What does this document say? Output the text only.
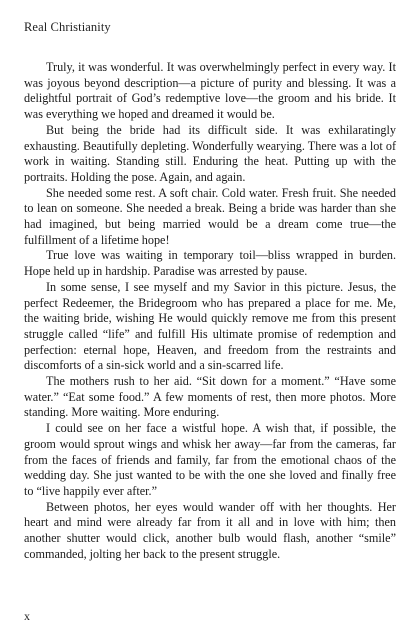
Real Christianity

Truly, it was wonderful. It was overwhelmingly perfect in every way. It was joyous beyond description—a picture of purity and blessing. It was a delightful portrait of God’s redemptive love—the groom and his bride. It was everything we hoped and dreamed it would be.

But being the bride had its difficult side. It was exhilaratingly exhausting. Beautifully depleting. Wonderfully wearying. There was a lot of work in waiting. Standing still. Enduring the heat. Putting up with the portraits. Holding the pose. Again, and again.

She needed some rest. A soft chair. Cold water. Fresh fruit. She needed to lean on someone. She needed a break. Being a bride was harder than she had imagined, but being married would be a dream come true—the fulfillment of a lifetime hope!

True love was waiting in temporary toil—bliss wrapped in burden. Hope held up in hardship. Paradise was arrested by pause.

In some sense, I see myself and my Savior in this picture. Jesus, the perfect Redeemer, the Bridegroom who has prepared a place for me. Me, the waiting bride, wishing He would quickly remove me from this present struggle called “life” and fulfill His ultimate promise of redemption and perfection: eternal hope, Heaven, and freedom from the restraints and discomforts of a sin-sick world and a sin-scarred life.

The mothers rush to her aid. “Sit down for a moment.” “Have some water.” “Eat some food.” A few moments of rest, then more photos. More standing. More waiting. More enduring.

I could see on her face a wistful hope. A wish that, if possible, the groom would sprout wings and whisk her away—far from the cameras, far from the faces of friends and family, far from the emotional chaos of the wedding day. She just wanted to be with the one she loved and finally free to “live happily ever after.”

Between photos, her eyes would wander off with her thoughts. Her heart and mind were already far from it all and in love with him; then another shutter would click, another bulb would flash, another “smile” commanded, jolting her back to the present struggle.

x
